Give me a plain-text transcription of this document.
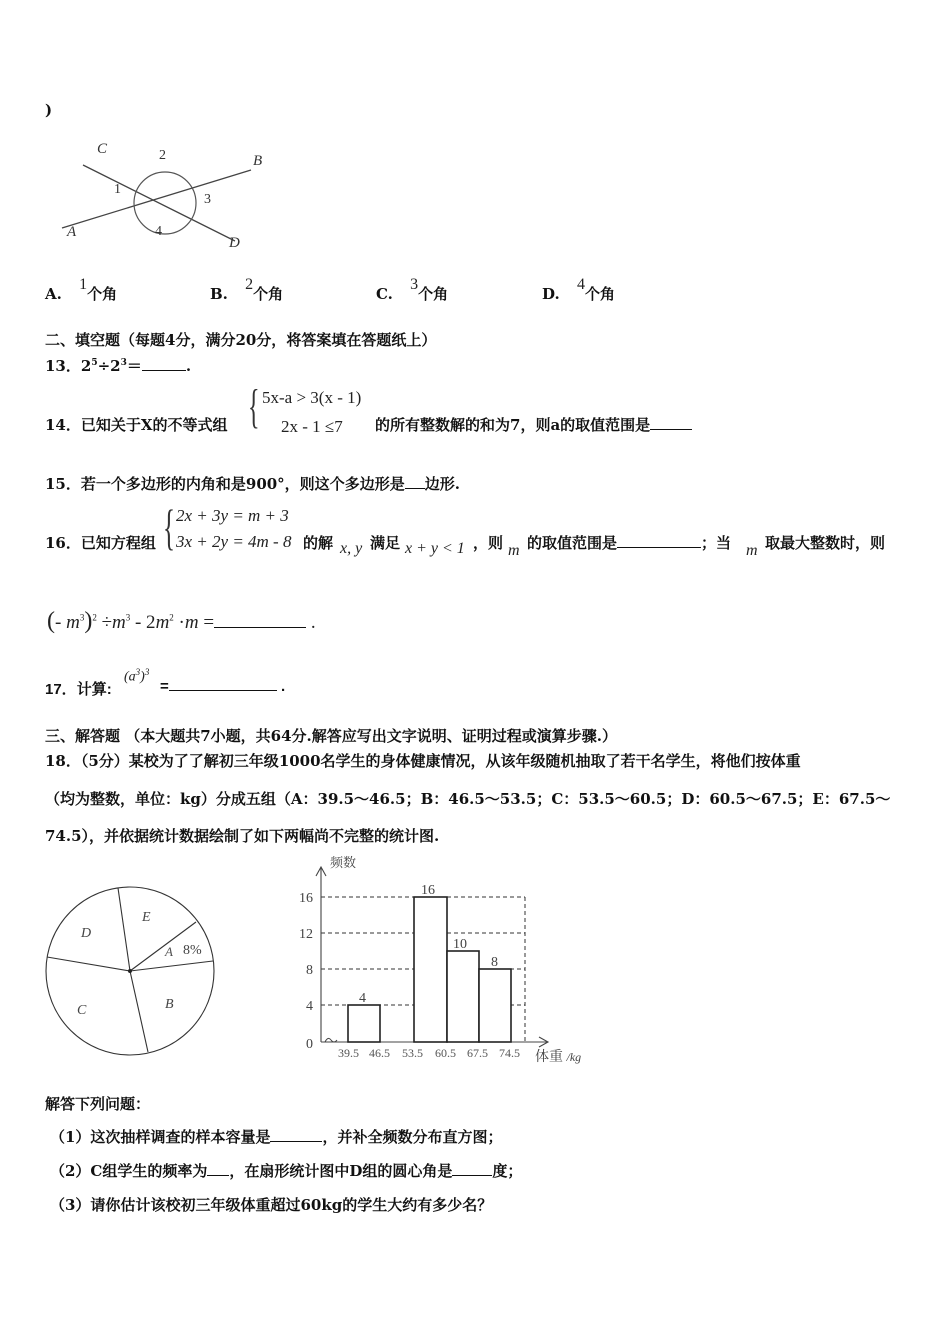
)
C
B
A
D
2
1
3
4
A. 1个角	B. 2个角	C. 3个角	D. 4个角
二、填空题（每题4分，满分20分，将答案填在答题纸上）
13．$2^5\div 2^3=$	.
14．已知关于X的不等式组 { 5x-a > 3(x - 1)
2x - 1 ≤7 的所有整数解的和为7，则a的取值范围是
15．若一个多边形的内角和是900°，则这个多边形是 边形.
16．已知方程组 { 2x + 3y = m + 3
3x + 2y = 4m - 8 的解 x, y 满足 x + y < 1 ，则 m 的取值范围是	；当 m 取最大整数时，则
(- $m^3)^2 \div m^3 - 2m^2 \cdot m$ =	.
17．计算:
$(a^3)^3$
=	.
三、解答题 （本大题共7小题，共64分.解答应写出文字说明、证明过程或演算步骤.）
18．（5分）某校为了了解初三年级1000名学生的身体健康情况，从该年级随机抽取了若干名学生，将他们按体重
（均为整数，单位：kg）分成五组（A：39.5～46.5；B：46.5～53.5；C：53.5～60.5；D：60.5～67.5；E：67.5～
74.5），并依据统计数据绘制了如下两幅尚不完整的统计图.
E
D
A 8%
C	B	4
16
10
8
16
12
8
4
0
39.5 46.5 53.5 60.5 67.5 74.5
频数
体重 /kg
解答下列问题：
（1）这次抽样调查的样本容量是	，并补全频数分布直方图；
（2）C组学生的频率为 ，在扇形统计图中D组的圆心角是	度；
（3）请你估计该校初三年级体重超过60kg的学生大约有多少名？
